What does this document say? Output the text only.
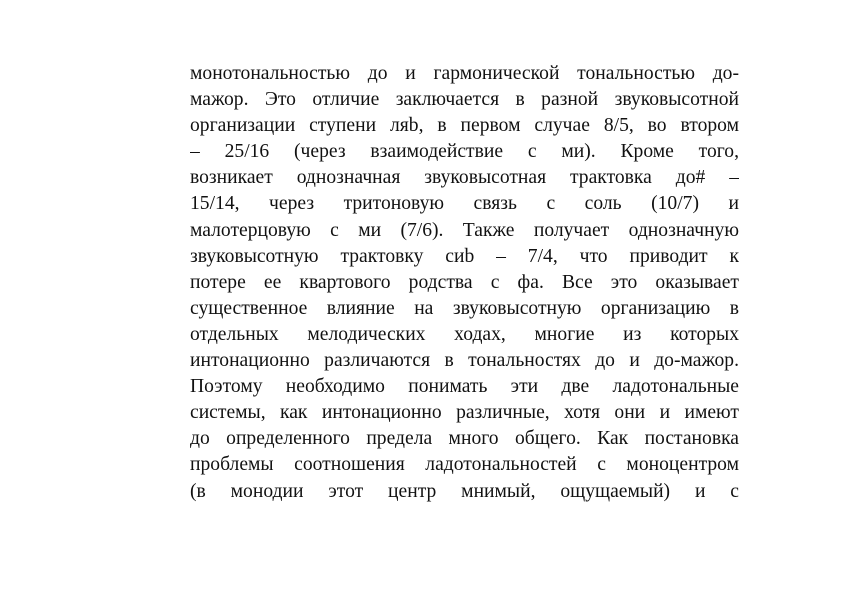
монотональностью до и гармонической тональностью до-
мажор. Это отличие заключается в разной звуковысотной
организации ступени ляb, в первом случае 8/5, во втором
– 25/16 (через взаимодействие с ми). Кроме того,
возникает однозначная звуковысотная трактовка до# –
15/14, через тритоновую связь с соль (10/7) и
малотерцовую с ми (7/6). Также получает однозначную
звуковысотную трактовку сиb – 7/4, что приводит к
потере ее квартового родства с фа. Все это оказывает
существенное влияние на звуковысотную организацию в
отдельных мелодических ходах, многие из которых
интонационно различаются в тональностях до и до-мажор.
Поэтому необходимо понимать эти две ладотональные
системы, как интонационно различные, хотя они и имеют
до определенного предела много общего. Как постановка
проблемы соотношения ладотональностей с моноцентром
(в монодии этот центр мнимый, ощущаемый) и с
